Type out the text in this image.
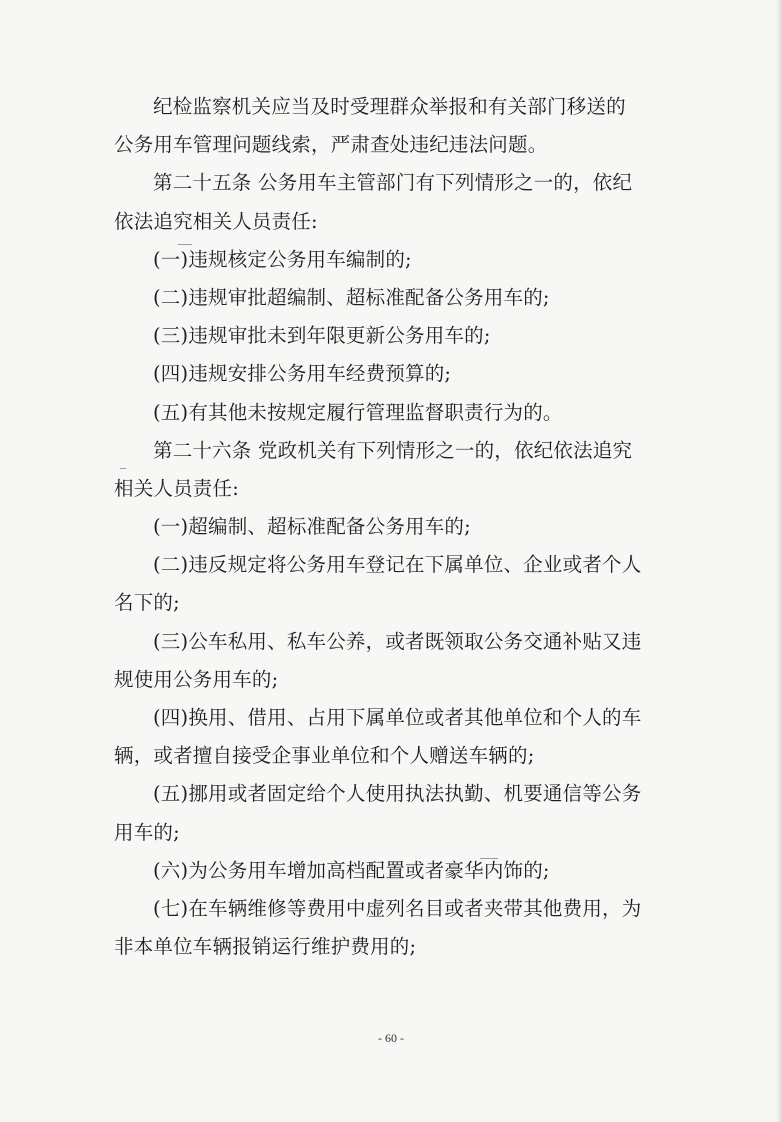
纪检监察机关应当及时受理群众举报和有关部门移送的
公务用车管理问题线索，严肃查处违纪违法问题。
第二十五条 公务用车主管部门有下列情形之一的，依纪
依法追究相关人员责任:
(一)违规核定公务用车编制的;
(二)违规审批超编制、超标准配备公务用车的;
(三)违规审批未到年限更新公务用车的;
(四)违规安排公务用车经费预算的;
(五)有其他未按规定履行管理监督职责行为的。
第二十六条 党政机关有下列情形之一的，依纪依法追究
相关人员责任:
(一)超编制、超标准配备公务用车的;
(二)违反规定将公务用车登记在下属单位、企业或者个人
名下的;
(三)公车私用、私车公养，或者既领取公务交通补贴又违
规使用公务用车的;
(四)换用、借用、占用下属单位或者其他单位和个人的车
辆，或者擅自接受企事业单位和个人赠送车辆的;
(五)挪用或者固定给个人使用执法执勤、机要通信等公务
用车的;
(六)为公务用车增加高档配置或者豪华内饰的;
(七)在车辆维修等费用中虚列名目或者夹带其他费用，为
非本单位车辆报销运行维护费用的;
- 60 -
